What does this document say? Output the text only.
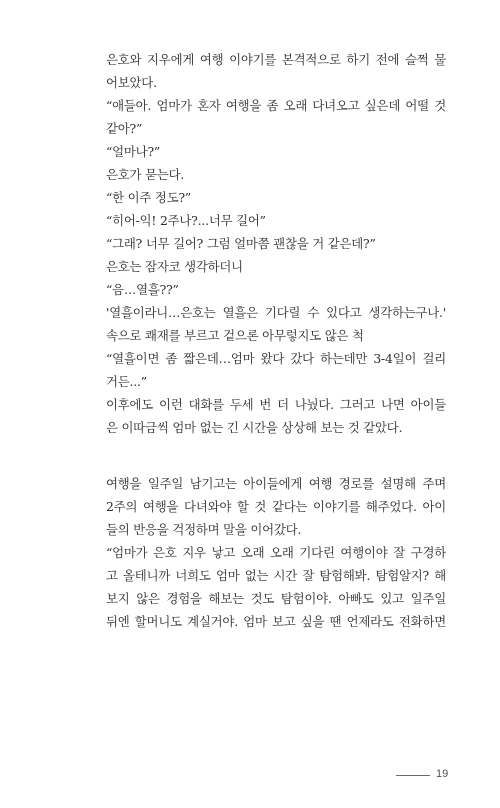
은호와 지우에게 여행 이야기를 본격적으로 하기 전에 슬쩍 물
어보았다.
“애들아. 엄마가 혼자 여행을 좀 오래 다녀오고 싶은데 어떨 것
같아?”
“얼마나?”
은호가 묻는다.
“한 이주 정도?”
“히어-익! 2주나?...너무 길어”
“그래? 너무 길어? 그럼 얼마쯤 괜찮을 거 같은데?”
은호는 잠자코 생각하더니
“음…열흘??”
'열흘이라니…은호는 열흘은 기다릴 수 있다고 생각하는구나.'
속으로 쾌재를 부르고 겉으론 아무렇지도 않은 척
“열흘이면 좀 짧은데…엄마 왔다 갔다 하는데만 3-4일이 걸리
거든...”
이후에도 이런 대화를 두세 번 더 나눴다. 그러고 나면 아이들
은 이따금씩 엄마 없는 긴 시간을 상상해 보는 것 같았다.
여행을 일주일 남기고는 아이들에게 여행 경로를 설명해 주며
2주의 여행을 다녀와야 할 것 같다는 이야기를 해주었다. 아이
들의 반응을 걱정하며 말을 이어갔다.
“엄마가 은호 지우 낳고 오래 오래 기다린 여행이야 잘 구경하
고 올테니까 너희도 엄마 없는 시간 잘 탐험해봐. 탐험알지? 해
보지 않은 경험을 해보는 것도 탐험이야. 아빠도 있고 일주일
뒤엔 할머니도 계실거야. 엄마 보고 싶을 땐 언제라도 전화하면
19
